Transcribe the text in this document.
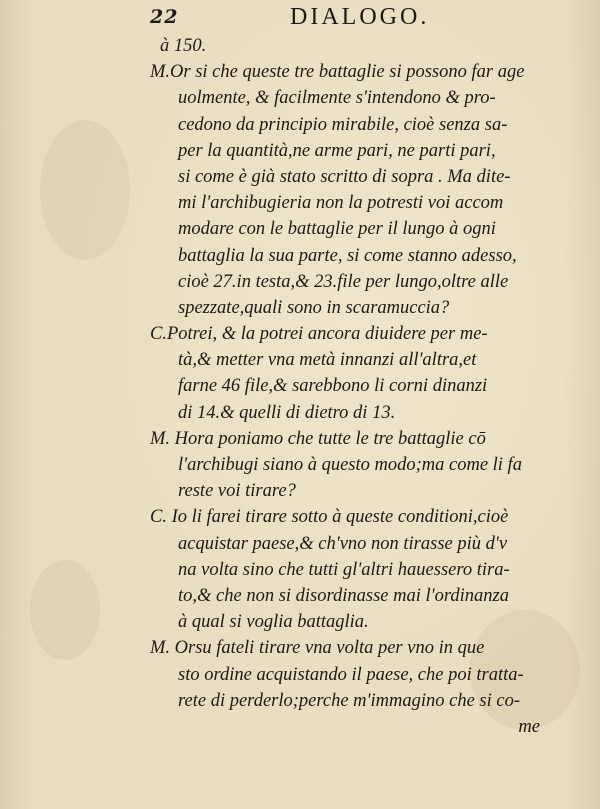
22	DIALOGO.
à 150.
M.Or si che queste tre battaglie si possono far age
uolmente, & facilmente s'intendono & pro-
cedono da principio mirabile, cioè senza sa-
per la quantità,ne arme pari, ne parti pari,
si come è già stato scritto di sopra . Ma dite-
mi l'archibugieria non la potresti voi accom
modare con le battaglie per il lungo à ogni
battaglia la sua parte, si come stanno adesso,
cioè 27.in testa,& 23.file per lungo,oltre alle
spezzate,quali sono in scaramuccia?
C.Potrei, & la potrei ancora diuidere per me-
tà,& metter vna metà innanzi all'altra,et
farne 46 file,& sarebbono li corni dinanzi
di 14.& quelli di dietro di 13.
M. Hora poniamo che tutte le tre battaglie cō
l'archibugi siano à questo modo;ma come li fa
reste voi tirare?
C. Io li farei tirare sotto à queste conditioni,cioè
acquistar paese,& ch'vno non tirasse più d'v
na volta sino che tutti gl'altri hauessero tira-
to,& che non si disordinasse mai l'ordinanza
à qual si voglia battaglia.
M. Orsu fateli tirare vna volta per vno in que
sto ordine acquistando il paese, che poi tratta-
rete di perderlo;perche m'immagino che si co-
me
